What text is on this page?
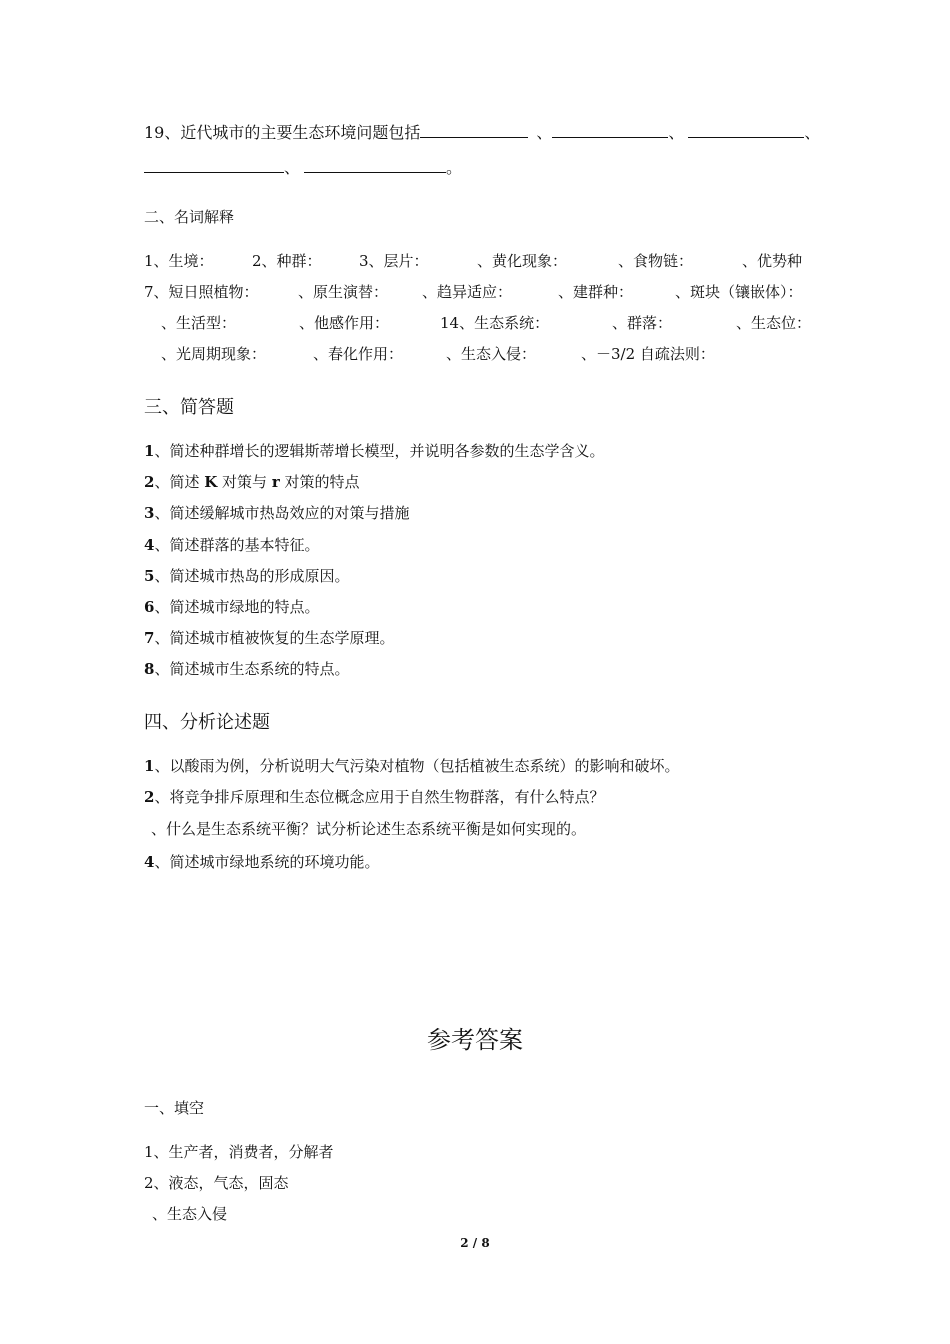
19、近代城市的主要生态环境问题包括	、	、	、
、	。
二、名词解释
1、生境：	2、种群： 3、层片：	、黄化现象：	、食物链：	、优势种
7、短日照植物：	、原生演替： 、趋异适应：	、建群种：	、斑块（镶嵌体）：
、生活型：	、他感作用：	14、生态系统：	、群落：	、生态位：
、光周期现象：	、春化作用：	、生态入侵：	、－3/2 自疏法则：
三、简答题
1、简述种群增长的逻辑斯蒂增长模型，并说明各参数的生态学含义。
2、简述 K 对策与 r 对策的特点
3、简述缓解城市热岛效应的对策与措施
4、简述群落的基本特征。
5、简述城市热岛的形成原因。
6、简述城市绿地的特点。
7、简述城市植被恢复的生态学原理。
8、简述城市生态系统的特点。
四、分析论述题
1、以酸雨为例，分析说明大气污染对植物（包括植被生态系统）的影响和破坏。
2、将竞争排斥原理和生态位概念应用于自然生物群落，有什么特点？
、什么是生态系统平衡？试分析论述生态系统平衡是如何实现的。
4、简述城市绿地系统的环境功能。
参考答案
一、填空
1、生产者，消费者，分解者
2、液态，气态，固态
、生态入侵
2 / 8
